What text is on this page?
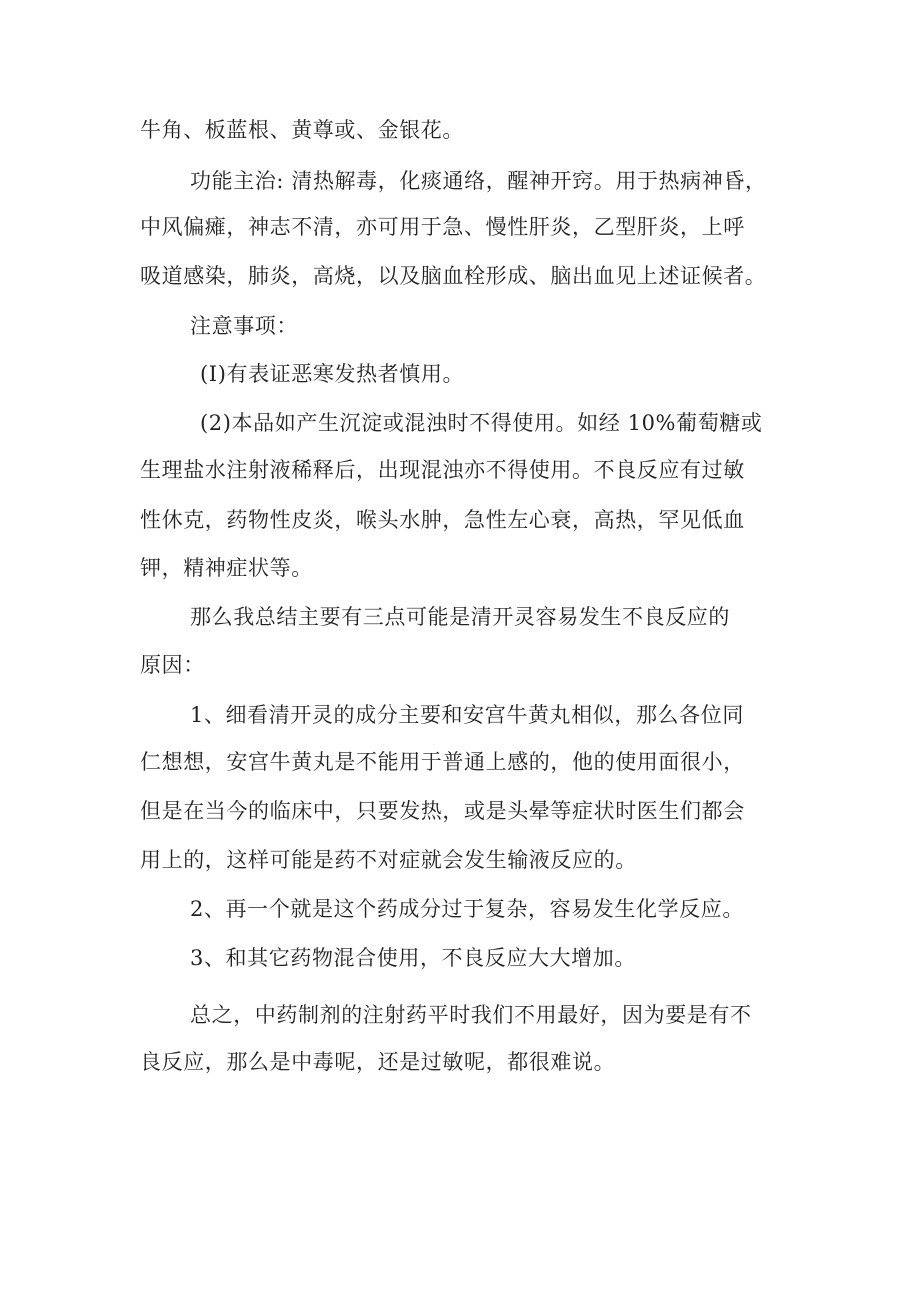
牛角、板蓝根、黄尊或、金银花。
功能主治: 清热解毒，化痰通络，醒神开窍。用于热病神昏，
中风偏瘫，神志不清，亦可用于急、慢性肝炎，乙型肝炎，上呼
吸道感染，肺炎，高烧，以及脑血栓形成、脑出血见上述证候者。
注意事项：
(I)有表证恶寒发热者慎用。
(2)本品如产生沉淀或混浊时不得使用。如经 10%葡萄糖或
生理盐水注射液稀释后，出现混浊亦不得使用。不良反应有过敏
性休克，药物性皮炎，喉头水肿，急性左心衰，高热，罕见低血
钾，精神症状等。
那么我总结主要有三点可能是清开灵容易发生不良反应的
原因：
1、细看清开灵的成分主要和安宫牛黄丸相似，那么各位同
仁想想，安宫牛黄丸是不能用于普通上感的，他的使用面很小，
但是在当今的临床中，只要发热，或是头晕等症状时医生们都会
用上的，这样可能是药不对症就会发生输液反应的。
2、再一个就是这个药成分过于复杂，容易发生化学反应。
3、和其它药物混合使用，不良反应大大增加。
总之，中药制剂的注射药平时我们不用最好，因为要是有不
良反应，那么是中毒呢，还是过敏呢，都很难说。
